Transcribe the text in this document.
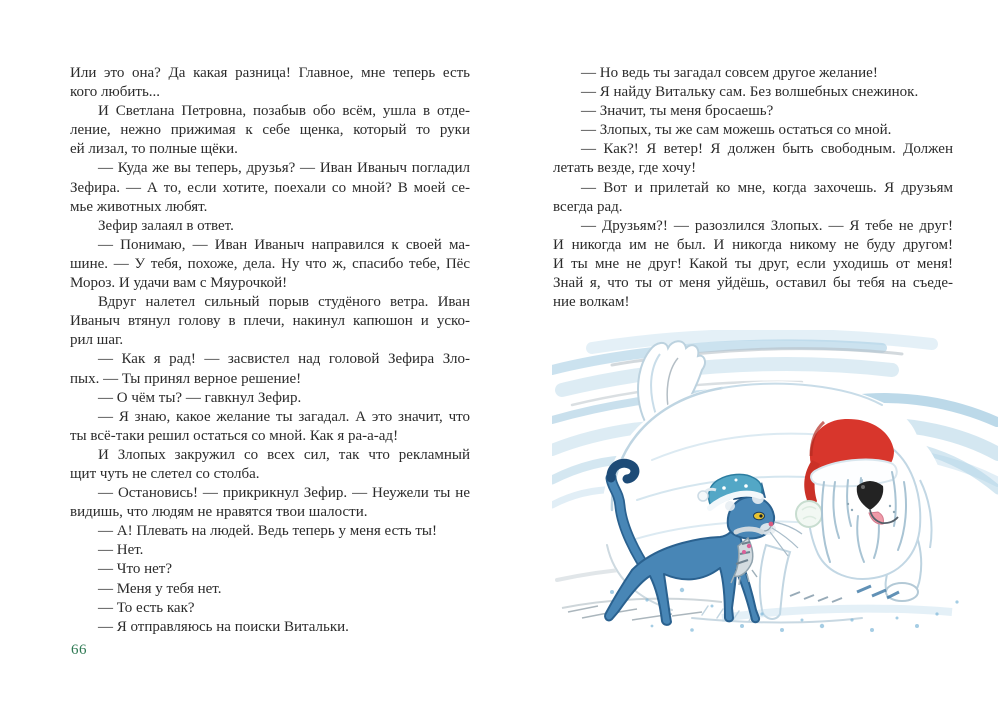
Или это она? Да какая разница! Главное, мне теперь есть
кого любить...
И Светлана Петровна, позабыв обо всём, ушла в отде-
ление, нежно прижимая к себе щенка, который то руки
ей лизал, то полные щёки.
— Куда же вы теперь, друзья? — Иван Иваныч погладил
Зефира. — А то, если хотите, поехали со мной? В моей се-
мье животных любят.
Зефир залаял в ответ.
— Понимаю, — Иван Иваныч направился к своей ма-
шине. — У тебя, похоже, дела. Ну что ж, спасибо тебе, Пёс
Мороз. И удачи вам с Мяурочкой!
Вдруг налетел сильный порыв студёного ветра. Иван
Иваныч втянул голову в плечи, накинул капюшон и уско-
рил шаг.
— Как я рад! — засвистел над головой Зефира Зло-
пых. — Ты принял верное решение!
— О чём ты? — гавкнул Зефир.
— Я знаю, какое желание ты загадал. А это значит, что
ты всё-таки решил остаться со мной. Как я ра-а-ад!
И Злопых закружил со всех сил, так что рекламный
щит чуть не слетел со столба.
— Остановись! — прикрикнул Зефир. — Неужели ты не
видишь, что людям не нравятся твои шалости.
— А! Плевать на людей. Ведь теперь у меня есть ты!
— Нет.
— Что нет?
— Меня у тебя нет.
— То есть как?
— Я отправляюсь на поиски Витальки.
66
— Но ведь ты загадал совсем другое желание!
— Я найду Витальку сам. Без волшебных снежинок.
— Значит, ты меня бросаешь?
— Злопых, ты же сам можешь остаться со мной.
— Как?! Я ветер! Я должен быть свободным. Должен
летать везде, где хочу!
— Вот и прилетай ко мне, когда захочешь. Я друзьям
всегда рад.
— Друзьям?! — разозлился Злопых. — Я тебе не друг!
И никогда им не был. И никогда никому не буду другом!
И ты мне не друг! Какой ты друг, если уходишь от меня!
Знай я, что ты от меня уйдёшь, оставил бы тебя на съеде-
ние волкам!
